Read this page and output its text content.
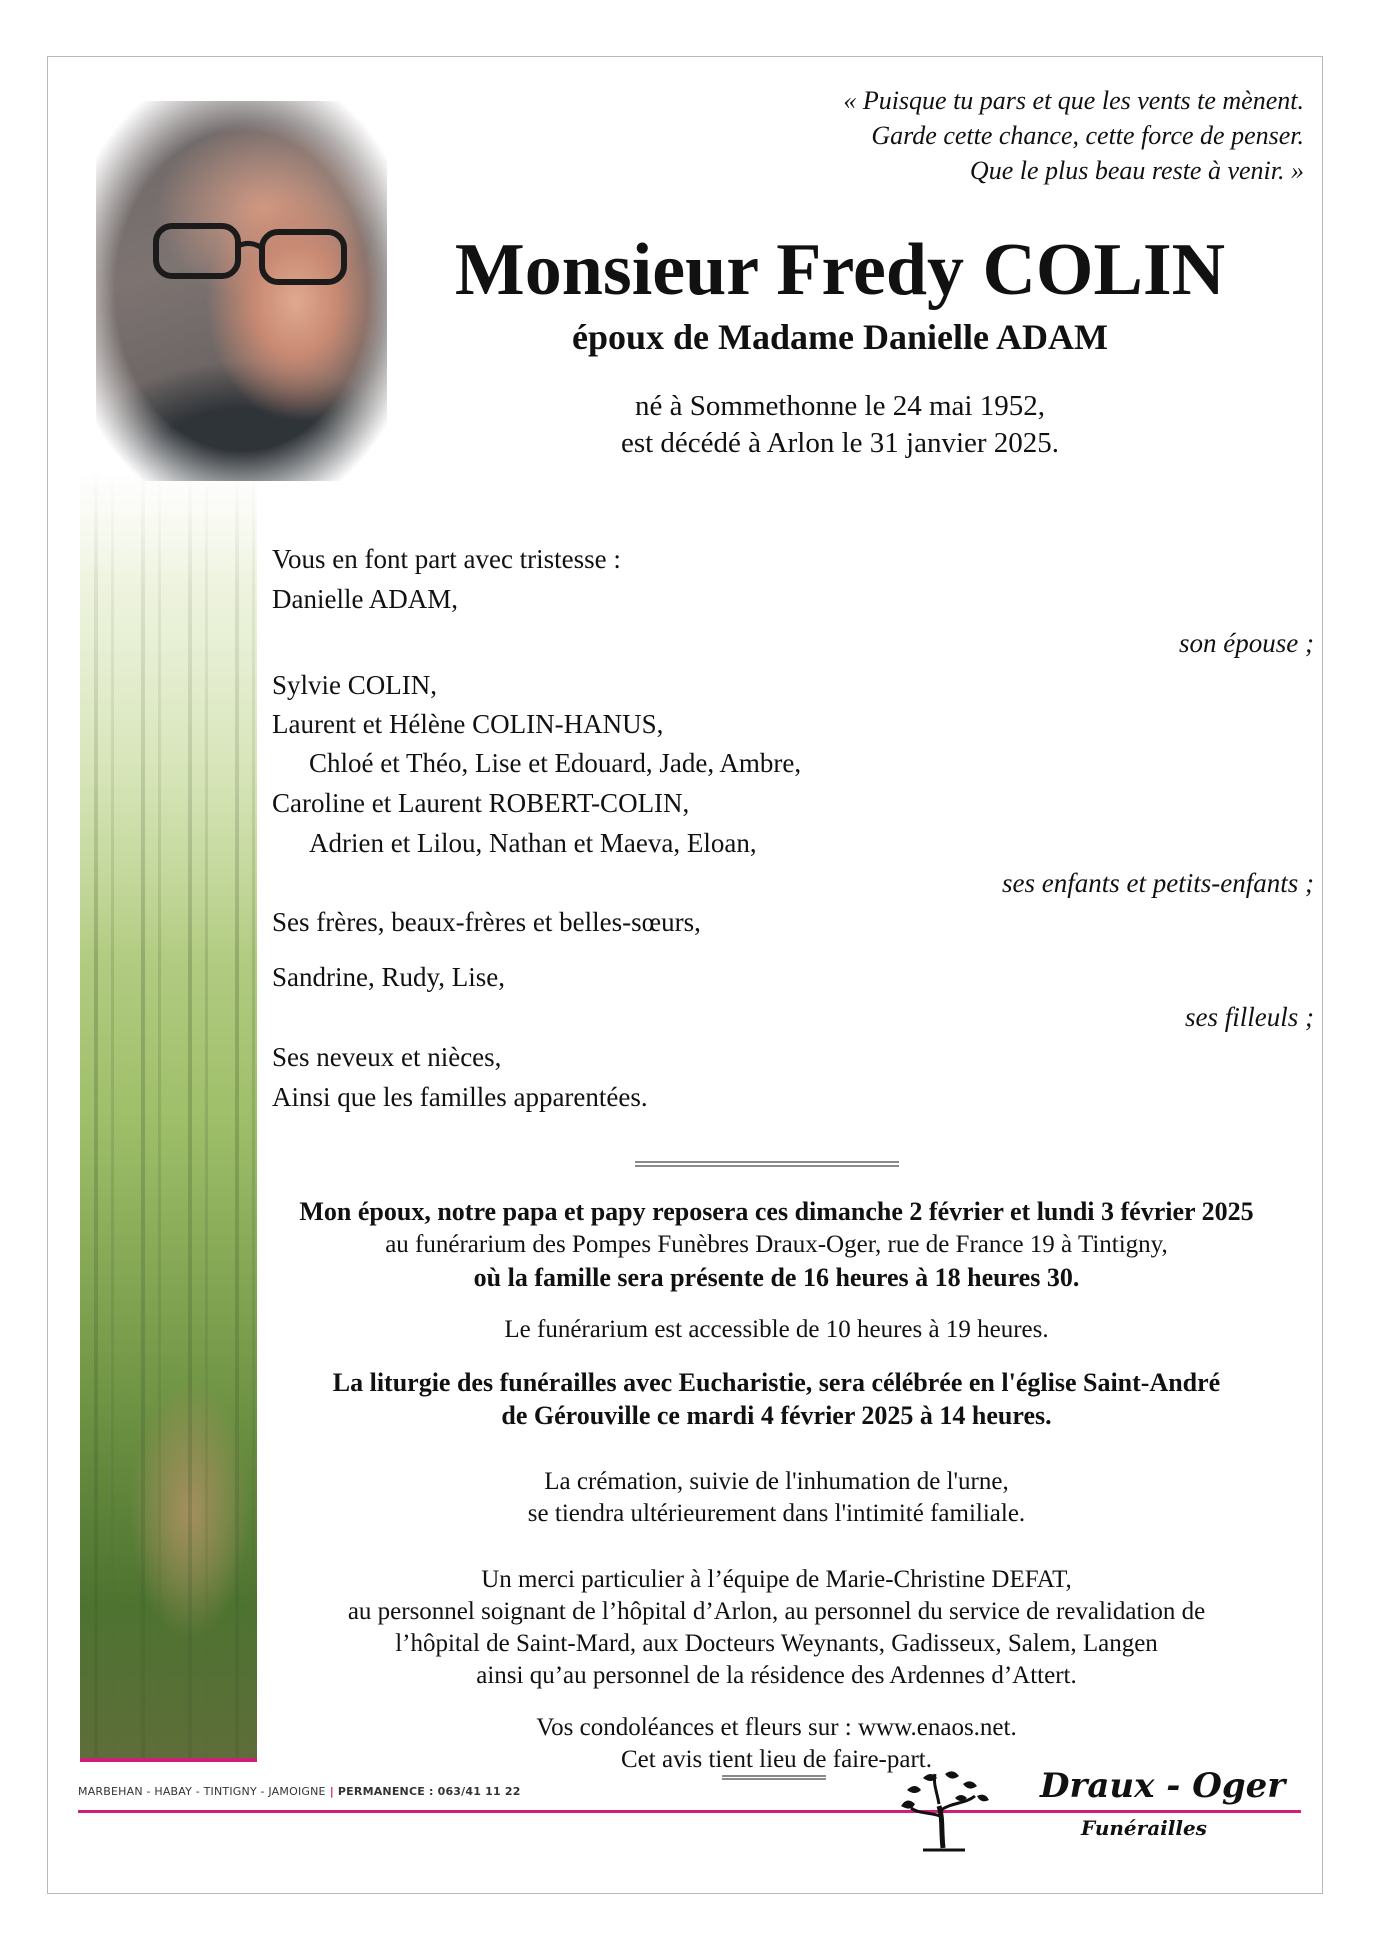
« Puisque tu pars et que les vents te mènent.
Garde cette chance, cette force de penser.
Que le plus beau reste à venir. »
Monsieur Fredy COLIN
époux de Madame Danielle ADAM
né à Sommethonne le 24 mai 1952,
est décédé à Arlon le 31 janvier 2025.
Vous en font part avec tristesse :
Danielle ADAM,
son épouse ;
Sylvie COLIN,
Laurent et Hélène COLIN-HANUS,
Chloé et Théo, Lise et Edouard, Jade, Ambre,
Caroline et Laurent ROBERT-COLIN,
Adrien et Lilou, Nathan et Maeva, Eloan,
ses enfants et petits-enfants ;
Ses frères, beaux-frères et belles-sœurs,
Sandrine, Rudy, Lise,
ses filleuls ;
Ses neveux et nièces,
Ainsi que les familles apparentées.
Mon époux, notre papa et papy reposera ces dimanche 2 février et lundi 3 février 2025
au funérarium des Pompes Funèbres Draux-Oger, rue de France 19 à Tintigny,
où la famille sera présente de 16 heures à 18 heures 30.
Le funérarium est accessible de 10 heures à 19 heures.
La liturgie des funérailles avec Eucharistie, sera célébrée en l'église Saint-André
de Gérouville ce mardi 4 février 2025 à 14 heures.
La crémation, suivie de l'inhumation de l'urne,
se tiendra ultérieurement dans l'intimité familiale.
Un merci particulier à l’équipe de Marie-Christine DEFAT,
au personnel soignant de l’hôpital d’Arlon, au personnel du service de revalidation de
l’hôpital de Saint-Mard, aux Docteurs Weynants, Gadisseux, Salem, Langen
ainsi qu’au personnel de la résidence des Ardennes d’Attert.
Vos condoléances et fleurs sur : www.enaos.net.
Cet avis tient lieu de faire-part.
MARBEHAN - HABAY - TINTIGNY - JAMOIGNE | PERMANENCE : 063/41 11 22	Draux - Oger
Funérailles
